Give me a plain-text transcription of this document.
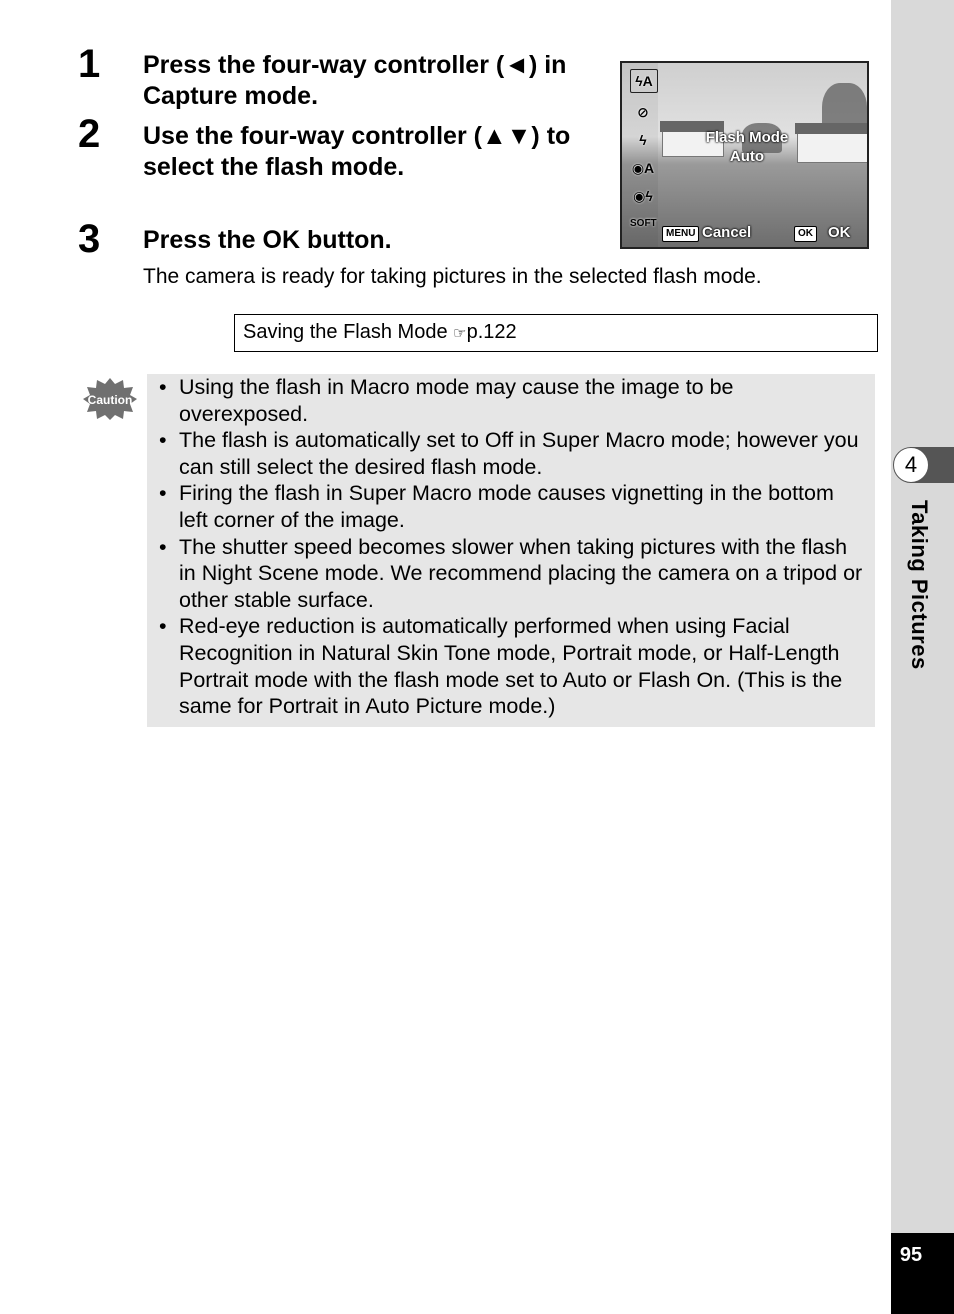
4
Taking Pictures
95
1 Press the four-way controller (◄) in Capture mode.
2 Use the four-way controller (▲▼) to select the flash mode.
3 Press the OK button.
The camera is ready for taking pictures in the selected flash mode.
ϟA
⊘
ϟ
◉A
◉ϟ
SOFT
Flash Mode
Auto
MENU Cancel	OK OK
Saving the Flash Mode ☞p.122
Caution
• Using the flash in Macro mode may cause the image to be overexposed.
• The flash is automatically set to Off in Super Macro mode; however you can still select the desired flash mode.
• Firing the flash in Super Macro mode causes vignetting in the bottom left corner of the image.
• The shutter speed becomes slower when taking pictures with the flash in Night Scene mode. We recommend placing the camera on a tripod or other stable surface.
• Red-eye reduction is automatically performed when using Facial Recognition in Natural Skin Tone mode, Portrait mode, or Half-Length Portrait mode with the flash mode set to Auto or Flash On. (This is the same for Portrait in Auto Picture mode.)
